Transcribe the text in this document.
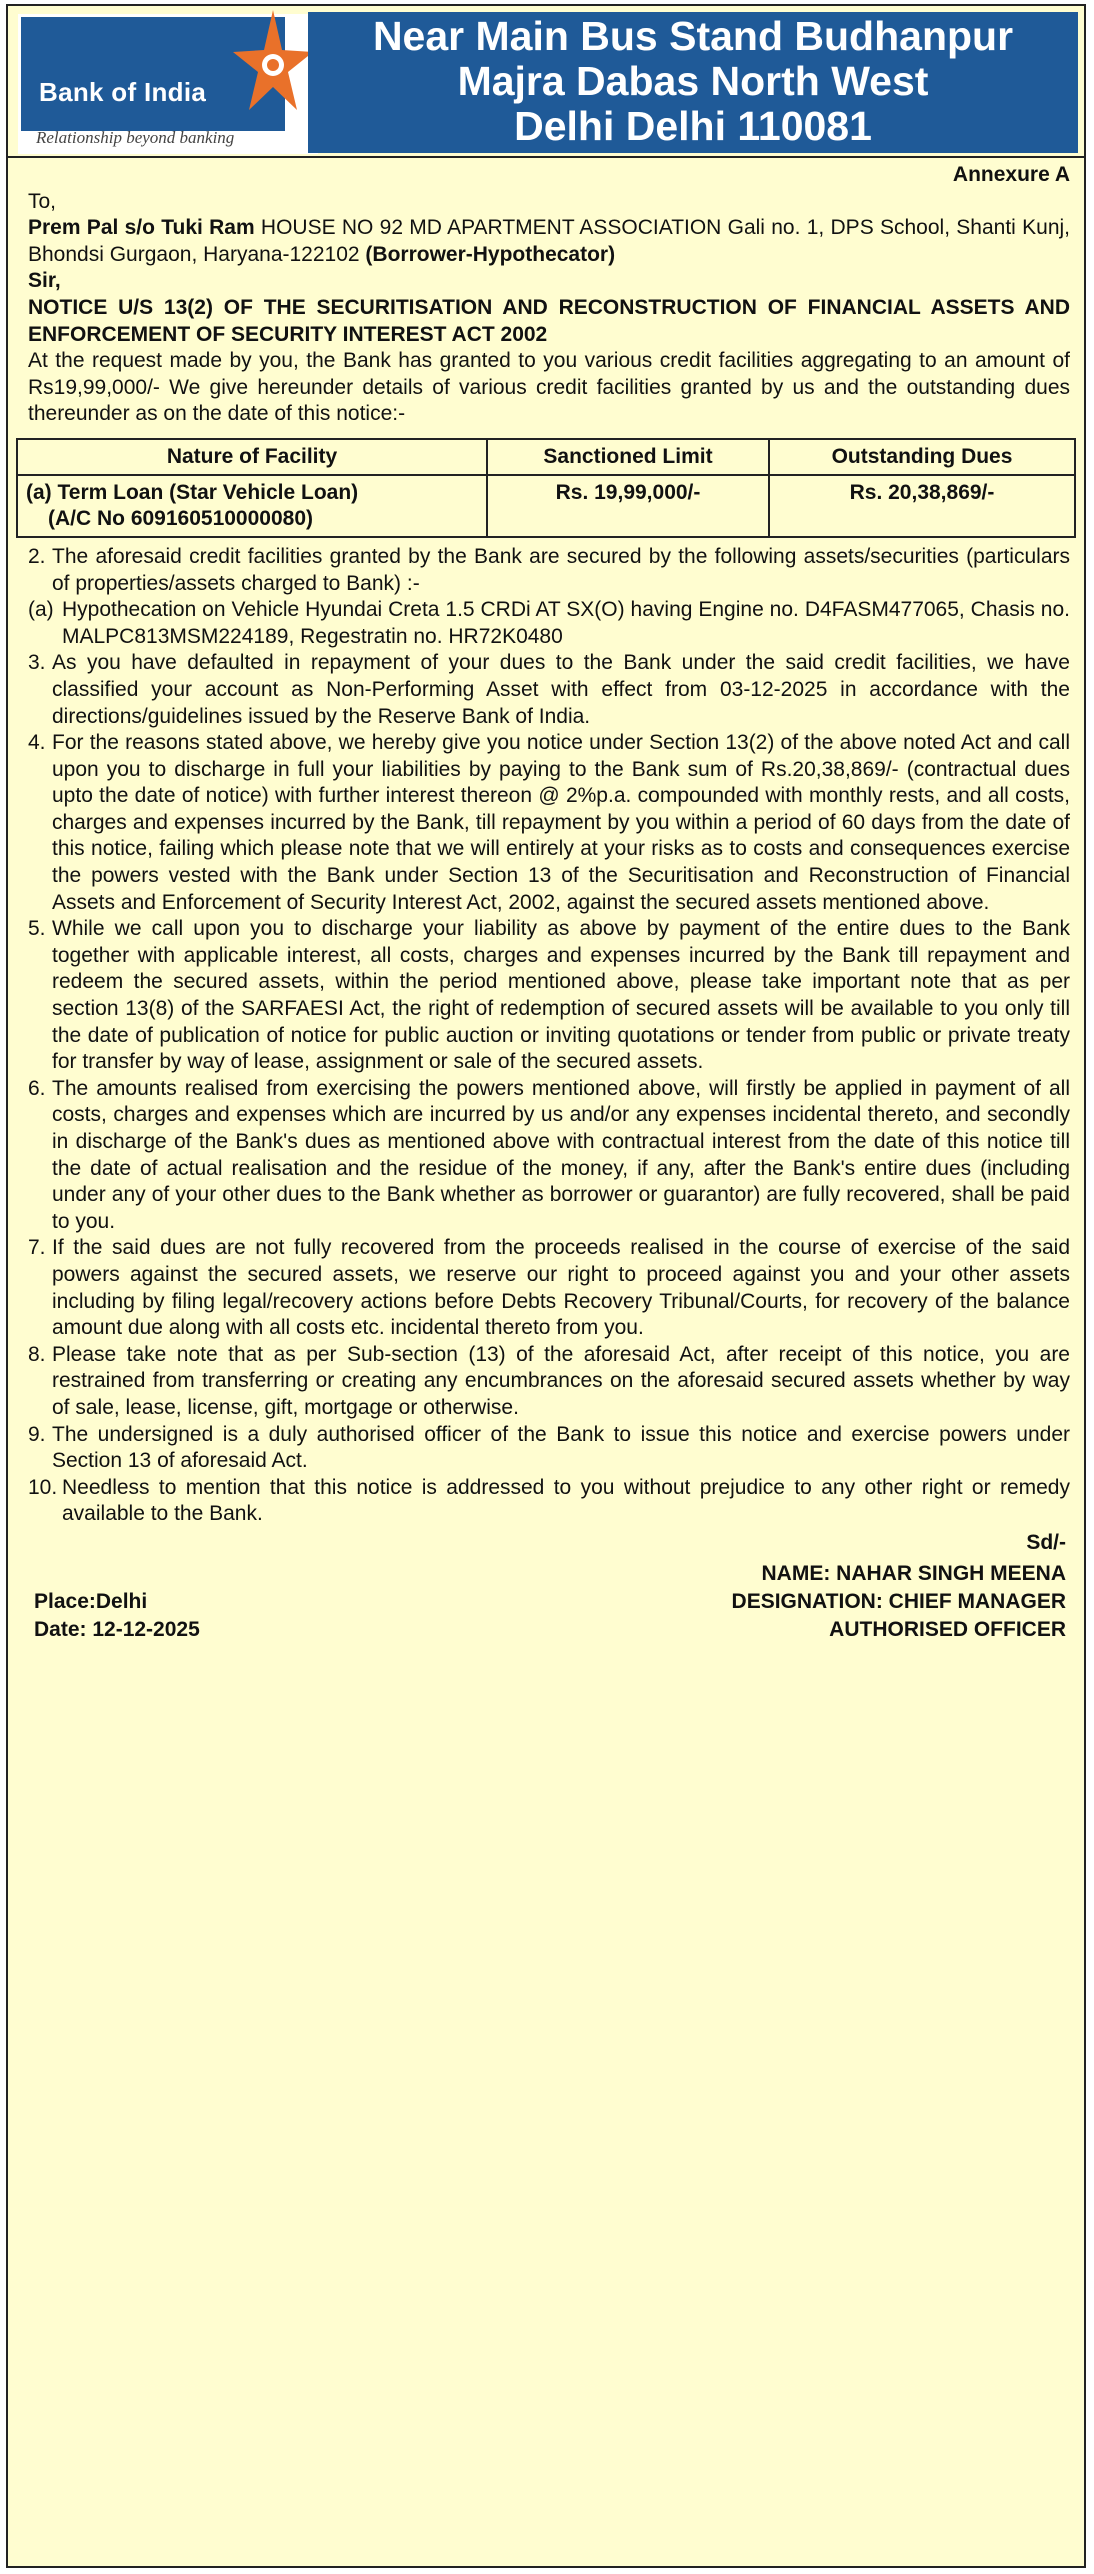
Bank of India
Relationship beyond banking
Near Main Bus Stand Budhanpur
Majra Dabas North West
Delhi Delhi 110081
Annexure A
To,
Prem Pal s/o Tuki Ram HOUSE NO 92 MD APARTMENT ASSOCIATION Gali no. 1, DPS School, Shanti Kunj, Bhondsi Gurgaon, Haryana-122102 (Borrower-Hypothecator)
Sir,
NOTICE U/S 13(2) OF THE SECURITISATION AND RECONSTRUCTION OF FINANCIAL ASSETS AND ENFORCEMENT OF SECURITY INTEREST ACT 2002
At the request made by you, the Bank has granted to you various credit facilities aggregating to an amount of Rs19,99,000/- We give hereunder details of various credit facilities granted by us and the outstanding dues thereunder as on the date of this notice:-
Nature of Facility	Sanctioned Limit	Outstanding Dues

(a) Term Loan (Star Vehicle Loan)
(A/C No 609160510000080)	Rs. 19,99,000/-	Rs. 20,38,869/-
2. The aforesaid credit facilities granted by the Bank are secured by the following assets/securities (particulars of properties/assets charged to Bank) :-
(a) Hypothecation on Vehicle Hyundai Creta 1.5 CRDi AT SX(O) having Engine no. D4FASM477065, Chasis no. MALPC813MSM224189, Regestratin no. HR72K0480
3. As you have defaulted in repayment of your dues to the Bank under the said credit facilities, we have classified your account as Non-Performing Asset with effect from 03-12-2025 in accordance with the directions/guidelines issued by the Reserve Bank of India.
4. For the reasons stated above, we hereby give you notice under Section 13(2) of the above noted Act and call upon you to discharge in full your liabilities by paying to the Bank sum of Rs.20,38,869/- (contractual dues upto the date of notice) with further interest thereon @ 2%p.a. compounded with monthly rests, and all costs, charges and expenses incurred by the Bank, till repayment by you within a period of 60 days from the date of this notice, failing which please note that we will entirely at your risks as to costs and consequences exercise the powers vested with the Bank under Section 13 of the Securitisation and Reconstruction of Financial Assets and Enforcement of Security Interest Act, 2002, against the secured assets mentioned above.
5. While we call upon you to discharge your liability as above by payment of the entire dues to the Bank together with applicable interest, all costs, charges and expenses incurred by the Bank till repayment and redeem the secured assets, within the period mentioned above, please take important note that as per section 13(8) of the SARFAESI Act, the right of redemption of secured assets will be available to you only till the date of publication of notice for public auction or inviting quotations or tender from public or private treaty for transfer by way of lease, assignment or sale of the secured assets.
6. The amounts realised from exercising the powers mentioned above, will firstly be applied in payment of all costs, charges and expenses which are incurred by us and/or any expenses incidental thereto, and secondly in discharge of the Bank's dues as mentioned above with contractual interest from the date of this notice till the date of actual realisation and the residue of the money, if any, after the Bank's entire dues (including under any of your other dues to the Bank whether as borrower or guarantor) are fully recovered, shall be paid to you.
7. If the said dues are not fully recovered from the proceeds realised in the course of exercise of the said powers against the secured assets, we reserve our right to proceed against you and your other assets including by filing legal/recovery actions before Debts Recovery Tribunal/Courts, for recovery of the balance amount due along with all costs etc. incidental thereto from you.
8. Please take note that as per Sub-section (13) of the aforesaid Act, after receipt of this notice, you are restrained from transferring or creating any encumbrances on the aforesaid secured assets whether by way of sale, lease, license, gift, mortgage or otherwise.
9. The undersigned is a duly authorised officer of the Bank to issue this notice and exercise powers under Section 13 of aforesaid Act.
10. Needless to mention that this notice is addressed to you without prejudice to any other right or remedy available to the Bank.
Sd/-
NAME: NAHAR SINGH MEENA
DESIGNATION: CHIEF MANAGER
AUTHORISED OFFICER
Place:Delhi
Date: 12-12-2025
